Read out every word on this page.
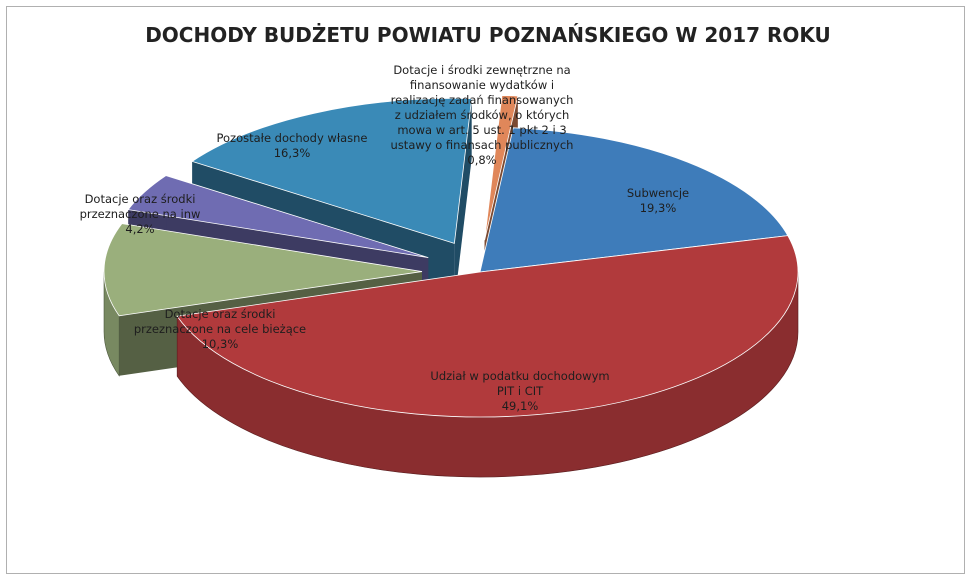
DOCHODY BUDŻETU POWIATU POZNAŃSKIEGO W 2017 ROKU
Subwencje 19,3%
Udział w podatku dochodowym PIT i CIT 49,1%
Dotacje oraz środki przeznaczone na cele bieżące 10,3%
Dotacje oraz środki przeznaczone na inw 4,2%
Pozostałe dochody własne 16,3%
Dotacje i środki zewnętrzne na finansowanie wydatków i realizację zadań finansowanych z udziałem środków, o których mowa w art. 5 ust. 1 pkt 2 i 3 ustawy o finansach publicznych 0,8%
